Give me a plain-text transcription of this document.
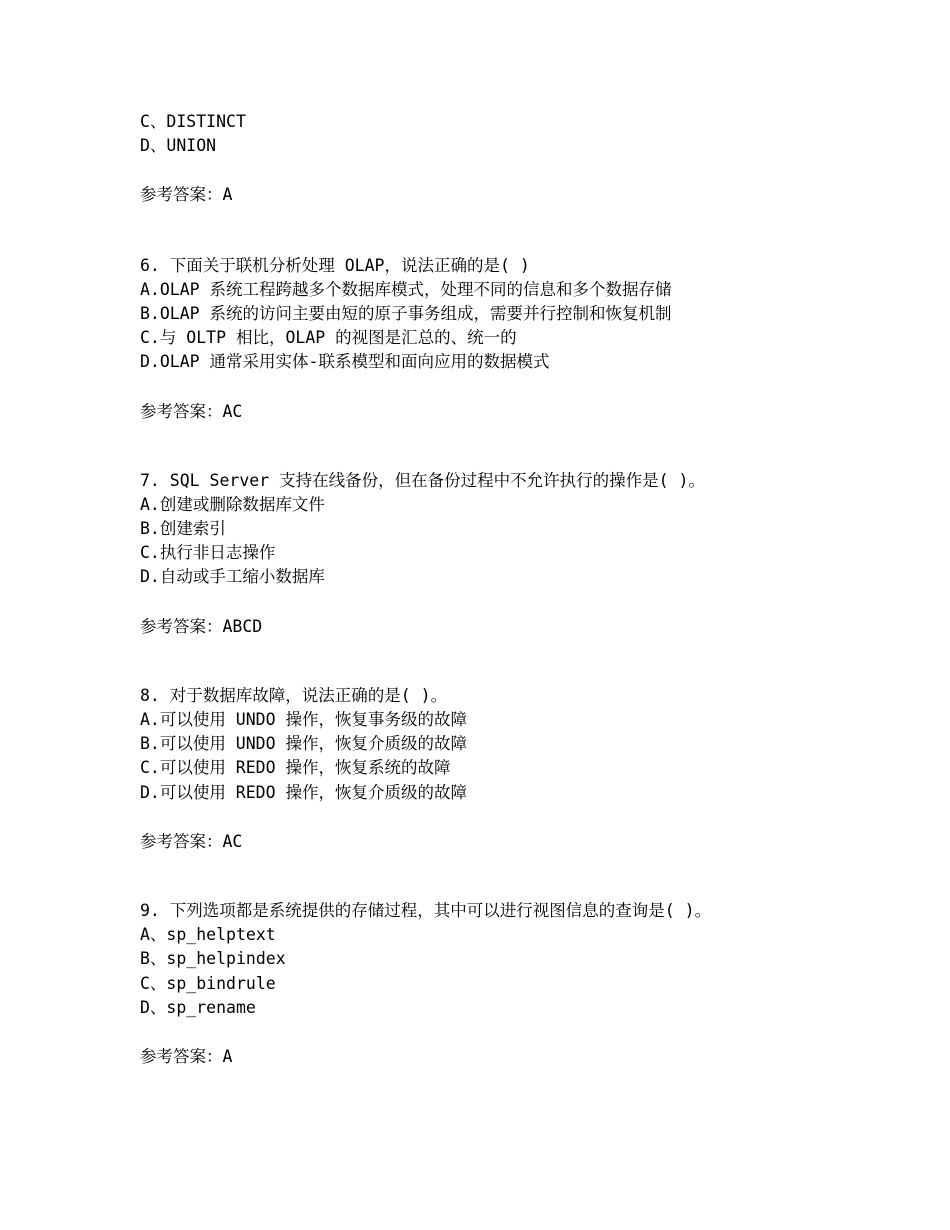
C、DISTINCT
D、UNION
参考答案：A
6. 下面关于联机分析处理 OLAP，说法正确的是( )
A.OLAP 系统工程跨越多个数据库模式，处理不同的信息和多个数据存储
B.OLAP 系统的访问主要由短的原子事务组成，需要并行控制和恢复机制
C.与 OLTP 相比，OLAP 的视图是汇总的、统一的
D.OLAP 通常采用实体-联系模型和面向应用的数据模式
参考答案：AC
7. SQL Server 支持在线备份，但在备份过程中不允许执行的操作是( )。
A.创建或删除数据库文件
B.创建索引
C.执行非日志操作
D.自动或手工缩小数据库
参考答案：ABCD
8. 对于数据库故障，说法正确的是( )。
A.可以使用 UNDO 操作，恢复事务级的故障
B.可以使用 UNDO 操作，恢复介质级的故障
C.可以使用 REDO 操作，恢复系统的故障
D.可以使用 REDO 操作，恢复介质级的故障
参考答案：AC
9. 下列选项都是系统提供的存储过程，其中可以进行视图信息的查询是( )。
A、sp_helptext
B、sp_helpindex
C、sp_bindrule
D、sp_rename
参考答案：A
